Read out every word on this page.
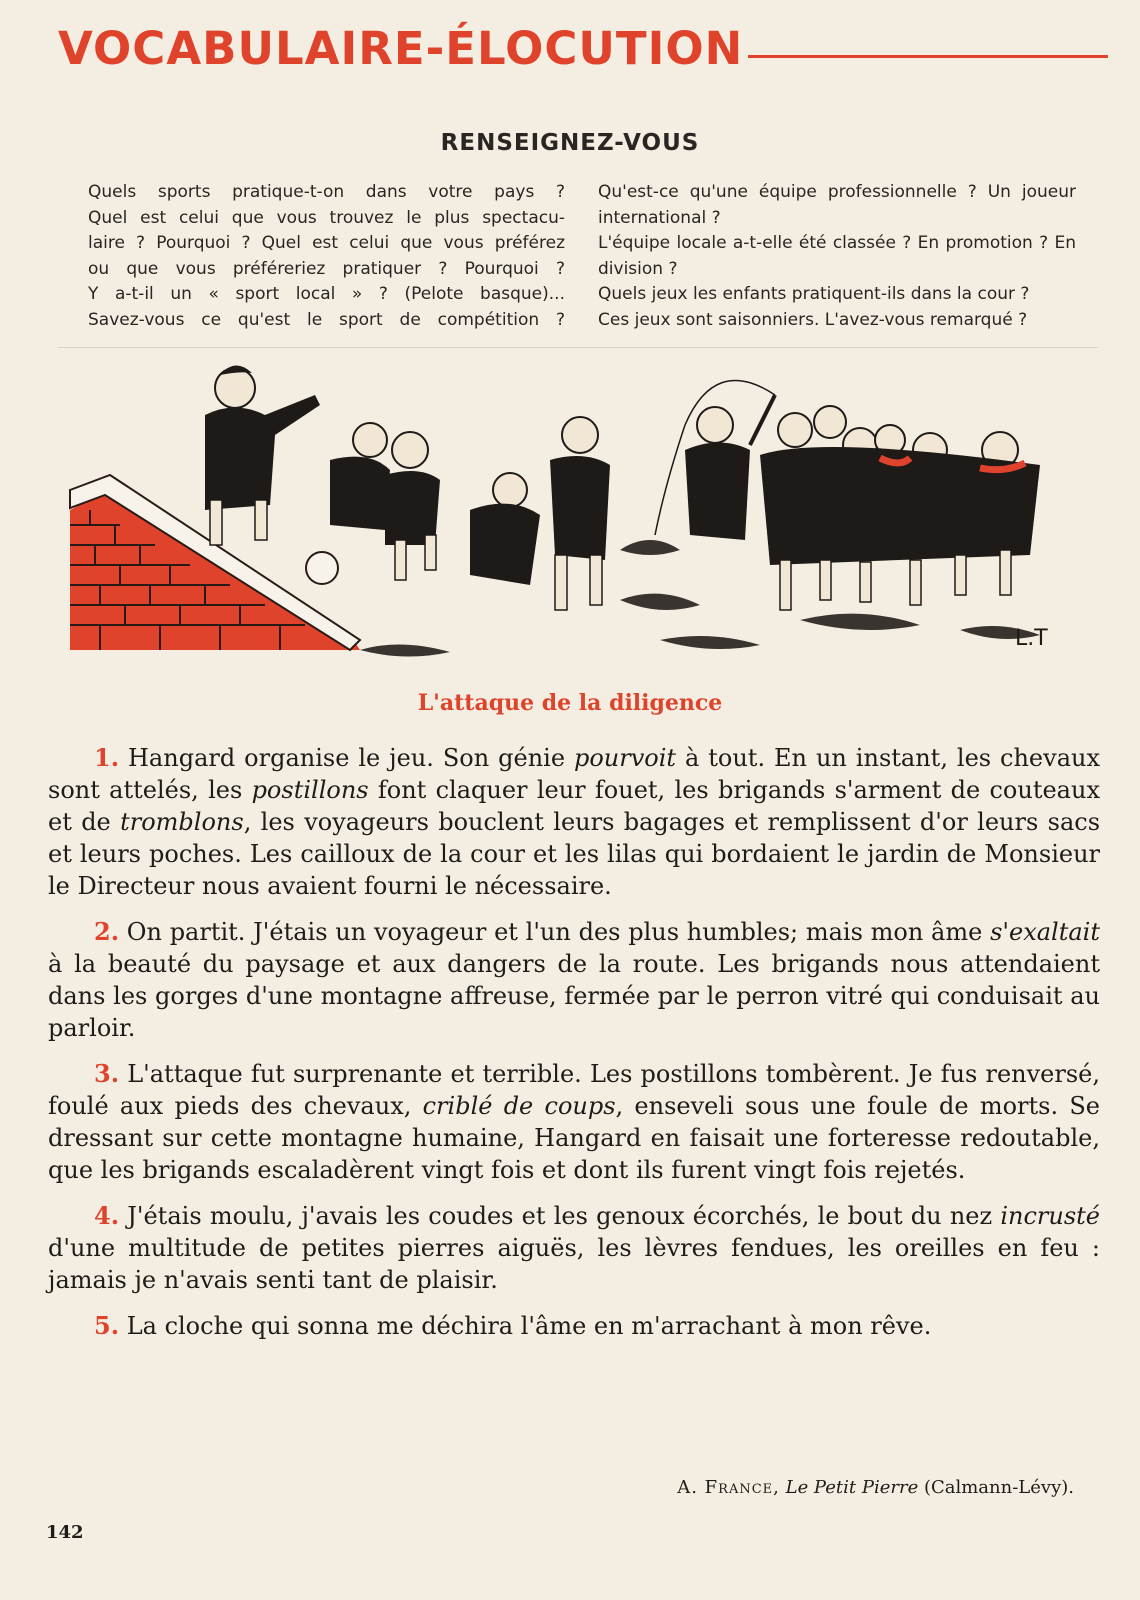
VOCABULAIRE-ÉLOCUTION
RENSEIGNEZ-VOUS

Quels sports pratique-t-on dans votre pays ?

Quel est celui que vous trouvez le plus spectacu-

laire ? Pourquoi ? Quel est celui que vous préférez

ou que vous préféreriez pratiquer ? Pourquoi ?

Y a-t-il un « sport local » ? (Pelote basque)...

Savez-vous ce qu'est le sport de compétition ?

Qu'est-ce qu'une équipe professionnelle ? Un joueur international ?

L'équipe locale a-t-elle été classée ? En promotion ? En division ?

Quels jeux les enfants pratiquent-ils dans la cour ?

Ces jeux sont saisonniers. L'avez-vous remarqué ?

L.T
L'attaque de la diligence

1. Hangard organise le jeu. Son génie pourvoit à tout. En un instant, les chevaux sont attelés, les postillons font claquer leur fouet, les brigands s'arment de couteaux et de tromblons, les voyageurs bouclent leurs bagages et remplissent d'or leurs sacs et leurs poches. Les cailloux de la cour et les lilas qui bordaient le jardin de Monsieur le Directeur nous avaient fourni le nécessaire.

2. On partit. J'étais un voyageur et l'un des plus humbles; mais mon âme s'exaltait à la beauté du paysage et aux dangers de la route. Les brigands nous attendaient dans les gorges d'une montagne affreuse, fermée par le perron vitré qui conduisait au parloir.

3. L'attaque fut surprenante et terrible. Les postillons tombèrent. Je fus renversé, foulé aux pieds des chevaux, criblé de coups, enseveli sous une foule de morts. Se dressant sur cette montagne humaine, Hangard en faisait une forteresse redoutable, que les brigands escaladèrent vingt fois et dont ils furent vingt fois rejetés.

4. J'étais moulu, j'avais les coudes et les genoux écorchés, le bout du nez incrusté d'une multitude de petites pierres aiguës, les lèvres fendues, les oreilles en feu : jamais je n'avais senti tant de plaisir.

5. La cloche qui sonna me déchira l'âme en m'arrachant à mon rêve.

A. France, Le Petit Pierre (Calmann-Lévy).
142
